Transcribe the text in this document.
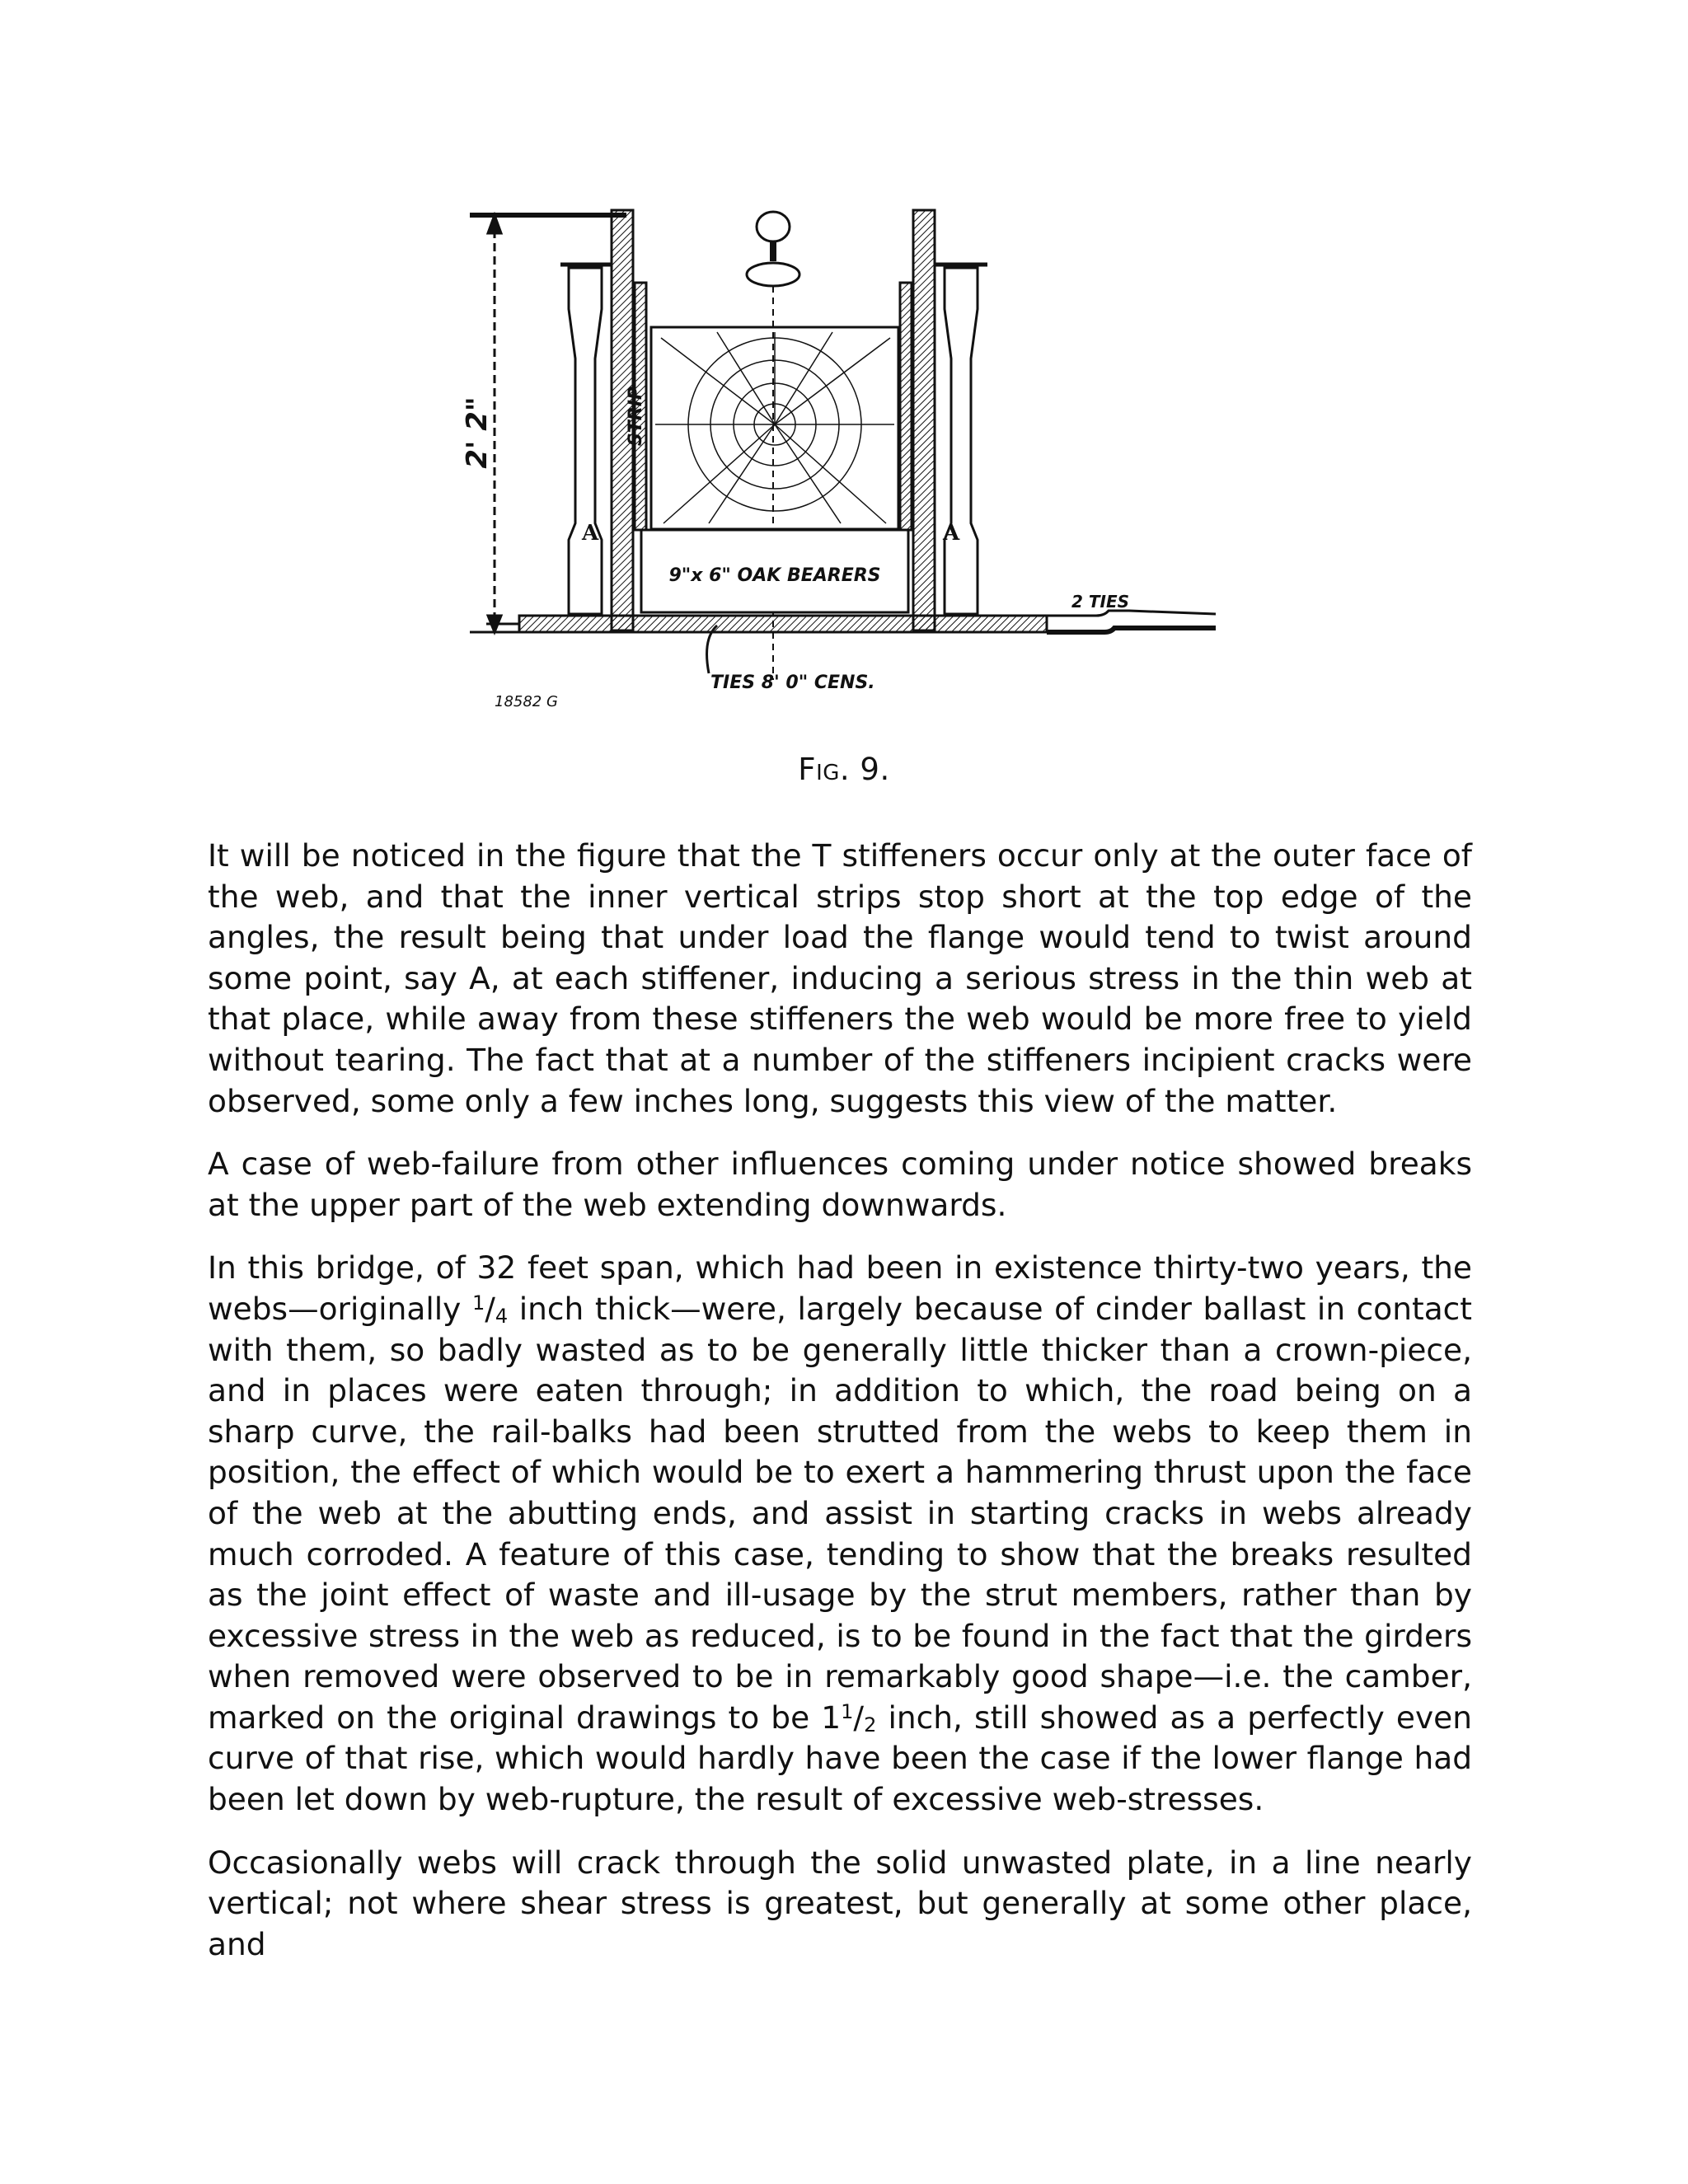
2' 2"	STRIP
9"x 6" OAK BEARERS
TIES 8' 0" CENS.
2 TIES
A	A
18582 G
Fig. 9.

It will be noticed in the figure that the T stiffeners occur only at the outer face of the web, and that the inner vertical strips stop short at the top edge of the angles, the result being that under load the flange would tend to twist around some point, say A, at each stiffener, inducing a serious stress in the thin web at that place, while away from these stiffeners the web would be more free to yield without tearing. The fact that at a number of the stiffeners incipient cracks were observed, some only a few inches long, suggests this view of the matter.

A case of web-failure from other influences coming under notice showed breaks at the upper part of the web extending downwards.

In this bridge, of 32 feet span, which had been in existence thirty-two years, the webs—originally $^1/_4$ inch thick—were, largely because of cinder ballast in contact with them, so badly wasted as to be generally little thicker than a crown-piece, and in places were eaten through; in addition to which, the road being on a sharp curve, the rail-balks had been strutted from the webs to keep them in position, the effect of which would be to exert a hammering thrust upon the face of the web at the abutting ends, and assist in starting cracks in webs already much corroded. A feature of this case, tending to show that the breaks resulted as the joint effect of waste and ill-usage by the strut members, rather than by excessive stress in the web as reduced, is to be found in the fact that the girders when removed were observed to be in remarkably good shape—i.e. the camber, marked on the original drawings to be $1^1/_2$ inch, still showed as a perfectly even curve of that rise, which would hardly have been the case if the lower flange had been let down by web-rupture, the result of excessive web-stresses.

Occasionally webs will crack through the solid unwasted plate, in a line nearly vertical; not where shear stress is greatest, but generally at some other place, and
